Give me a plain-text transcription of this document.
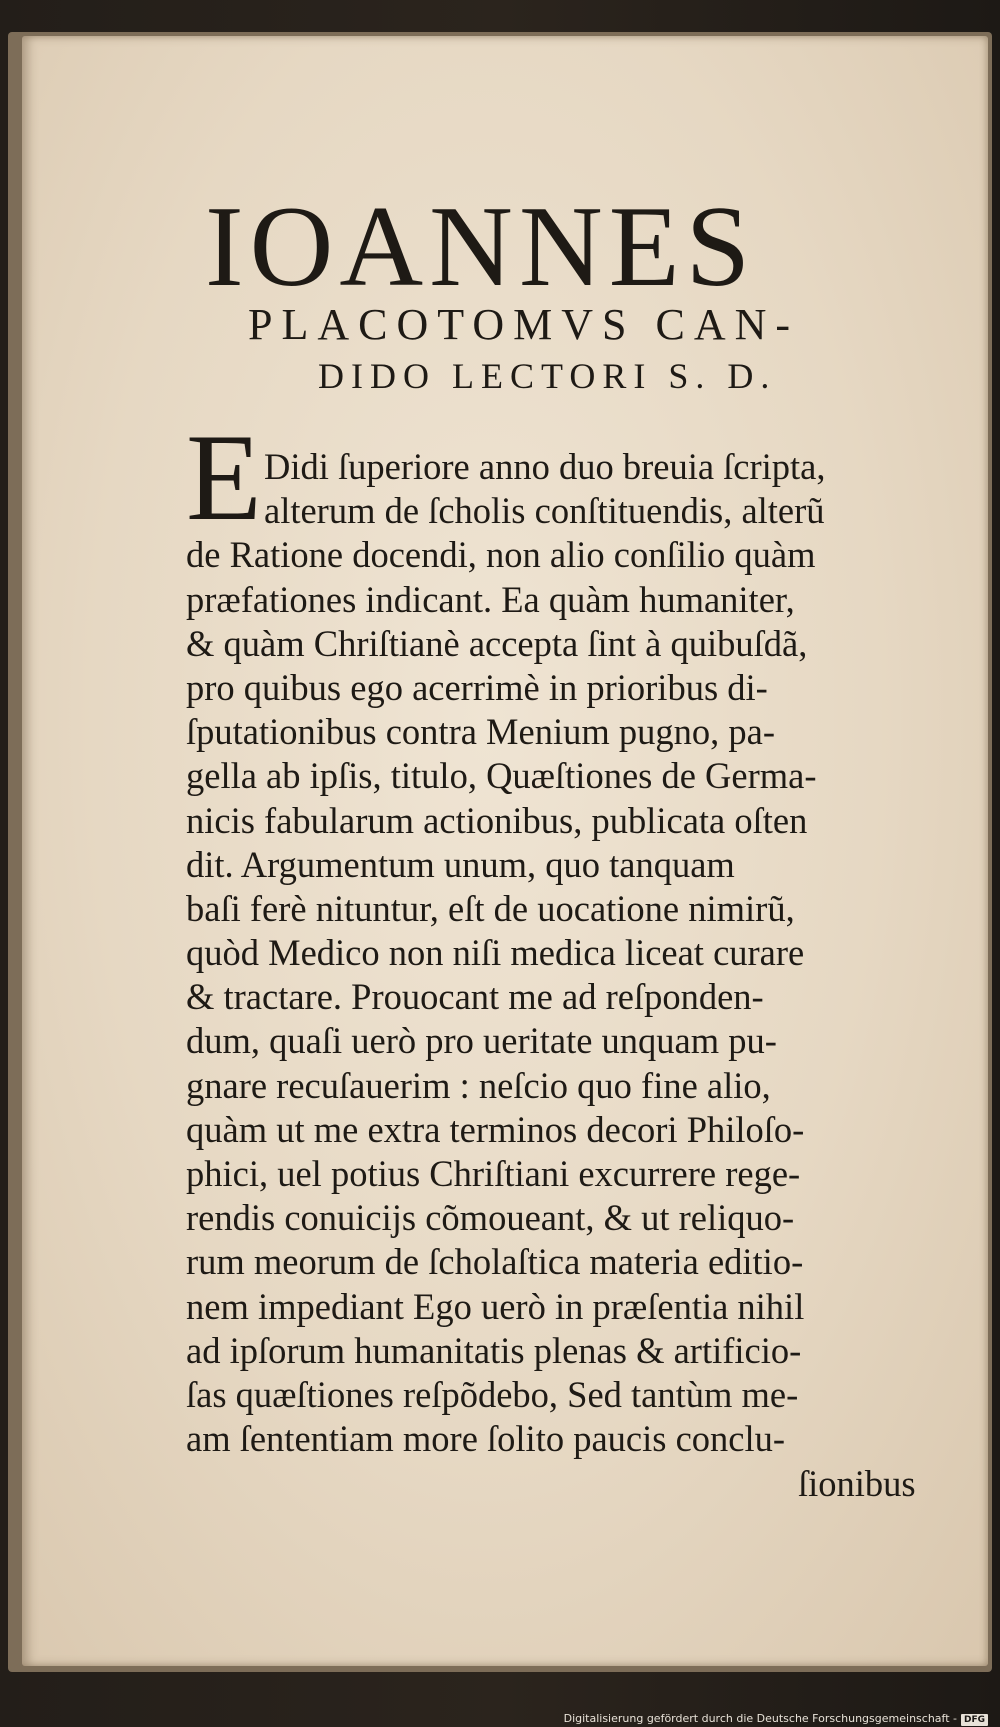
IOANNES
PLACOTOMVS CAN-
DIDO LECTORI S. D.
E Didi ſuperiore anno duo breuia ſcripta,
alterum de ſcholis conſtituendis, alterũ
de Ratione docendi, non alio conſilio quàm
præfationes indicant. Ea quàm humaniter,
& quàm Chriſtianè accepta ſint à quibuſdã,
pro quibus ego acerrimè in prioribus di-
ſputationibus contra Menium pugno, pa-
gella ab ipſis, titulo, Quæſtiones de Germa-
nicis fabularum actionibus, publicata oſten
dit. Argumentum unum, quo tanquam
baſi ferè nituntur, eſt de uocatione nimirũ,
quòd Medico non niſi medica liceat curare
& tractare. Prouocant me ad reſponden-
dum, quaſi uerò pro ueritate unquam pu-
gnare recuſauerim : neſcio quo fine alio,
quàm ut me extra terminos decori Philoſo-
phici, uel potius Chriſtiani excurrere rege-
rendis conuicijs cõmoueant, & ut reliquo-
rum meorum de ſcholaſtica materia editio-
nem impediant Ego uerò in præſentia nihil
ad ipſorum humanitatis plenas & artificio-
ſas quæſtiones reſpõdebo, Sed tantùm me-
am ſententiam more ſolito paucis conclu-
ſionibus
Digitalisierung gefördert durch die Deutsche Forschungsgemeinschaft - DFG
